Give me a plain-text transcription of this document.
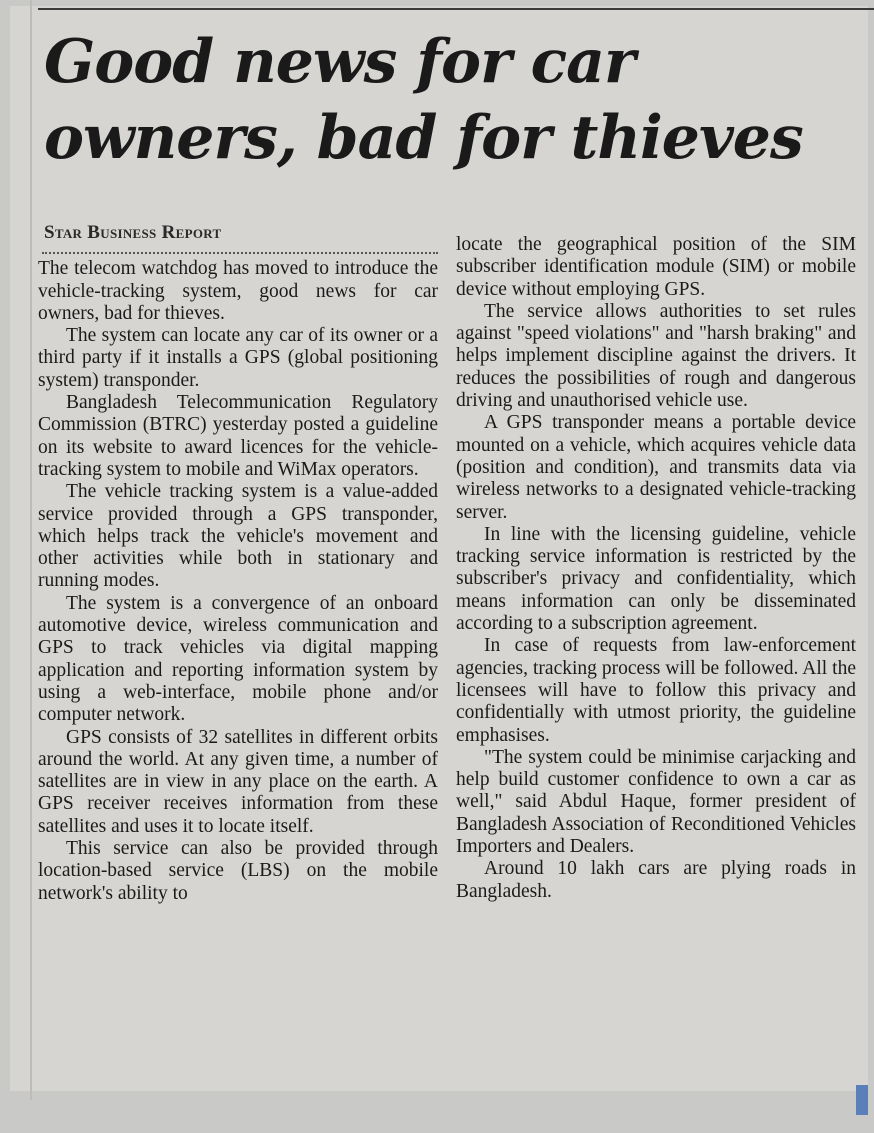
Good news for car owners, bad for thieves
Star Business Report

The telecom watchdog has moved to introduce the vehicle-tracking system, good news for car owners, bad for thieves.

The system can locate any car of its owner or a third party if it installs a GPS (global positioning system) transponder.

Bangladesh Telecommunication Regulatory Commission (BTRC) yesterday posted a guideline on its website to award licences for the vehicle-tracking system to mobile and WiMax operators.

The vehicle tracking system is a value-added service provided through a GPS transponder, which helps track the vehicle's movement and other activities while both in stationary and running modes.

The system is a convergence of an onboard automotive device, wireless communication and GPS to track vehicles via digital mapping application and reporting information system by using a web-interface, mobile phone and/or computer network.

GPS consists of 32 satellites in different orbits around the world. At any given time, a number of satellites are in view in any place on the earth. A GPS receiver receives information from these satellites and uses it to locate itself.

This service can also be provided through location-based service (LBS) on the mobile network's ability to

locate the geographical position of the SIM subscriber identification module (SIM) or mobile device without employing GPS.

The service allows authorities to set rules against "speed violations" and "harsh braking" and helps implement discipline against the drivers. It reduces the possibilities of rough and dangerous driving and unauthorised vehicle use.

A GPS transponder means a portable device mounted on a vehicle, which acquires vehicle data (position and condition), and transmits data via wireless networks to a designated vehicle-tracking server.

In line with the licensing guideline, vehicle tracking service information is restricted by the subscriber's privacy and confidentiality, which means information can only be disseminated according to a subscription agreement.

In case of requests from law-enforcement agencies, tracking process will be followed. All the licensees will have to follow this privacy and confidentially with utmost priority, the guideline emphasises.

"The system could be minimise carjacking and help build customer confidence to own a car as well," said Abdul Haque, former president of Bangladesh Association of Reconditioned Vehicles Importers and Dealers.

Around 10 lakh cars are plying roads in Bangladesh.
